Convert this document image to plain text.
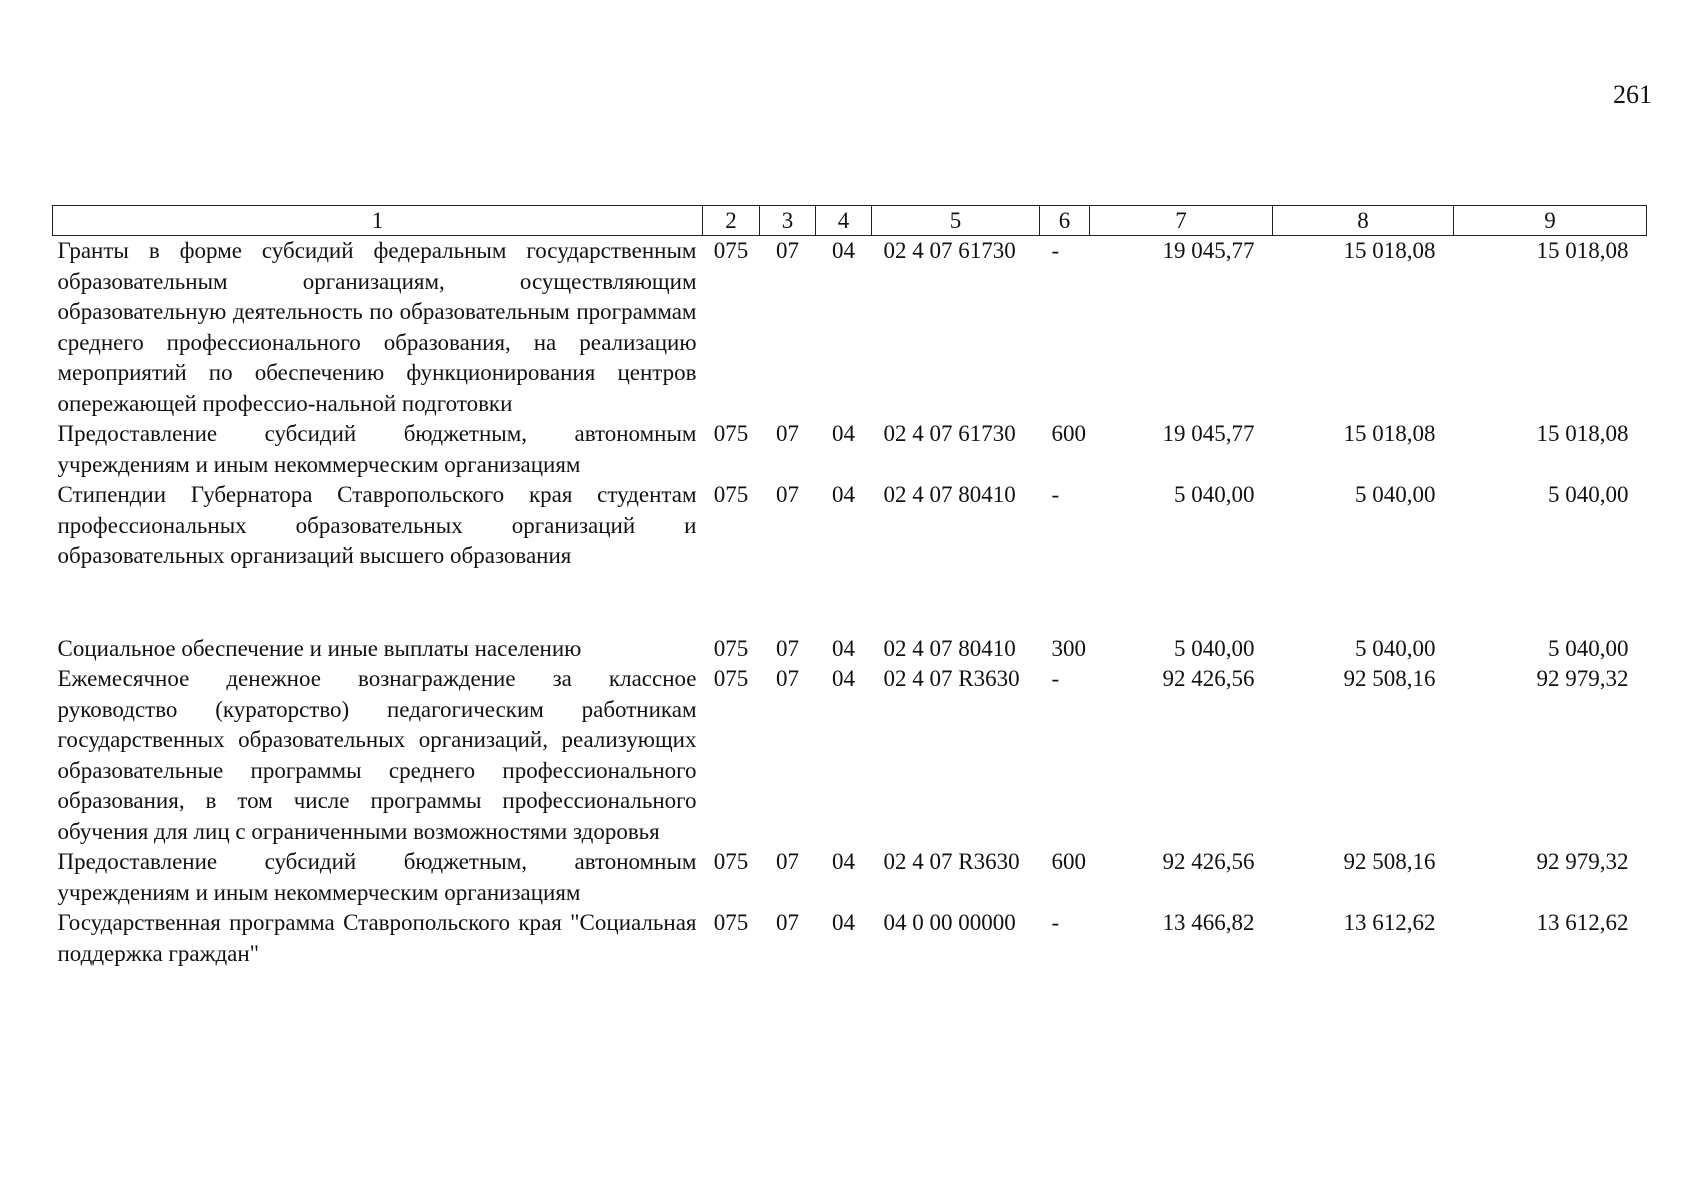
261
1	2	3	4	5	6	7	8	9
Гранты в форме субсидий федеральным государственным образовательным организациям, осуществляющим образовательную деятельность по образовательным программам среднего профессионального образования, на реализацию мероприятий по обеспечению функционирования центров опережающей профессио-нальной подготовки	075	07	04	02 4 07 61730	-	19 045,77	15 018,08	15 018,08
Предоставление субсидий бюджетным, автономным учреждениям и иным некоммерческим организациям	075	07	04	02 4 07 61730	600	19 045,77	15 018,08	15 018,08
Стипендии Губернатора Ставропольского края студентам профессиональных образовательных организаций и образовательных организаций высшего образования	075	07	04	02 4 07 80410	-	5 040,00	5 040,00	5 040,00

Социальное обеспечение и иные выплаты населению	075	07	04	02 4 07 80410	300	5 040,00	5 040,00	5 040,00
Ежемесячное денежное вознаграждение за классное руководство (кураторство) педагогическим работникам государственных образовательных организаций, реализующих образовательные программы среднего профессионального образования, в том числе программы профессионального обучения для лиц с ограниченными возможностями здоровья	075	07	04	02 4 07 R3630	-	92 426,56	92 508,16	92 979,32
Предоставление субсидий бюджетным, автономным учреждениям и иным некоммерческим организациям	075	07	04	02 4 07 R3630	600	92 426,56	92 508,16	92 979,32
Государственная программа Ставропольского края "Социальная поддержка граждан"	075	07	04	04 0 00 00000	-	13 466,82	13 612,62	13 612,62
